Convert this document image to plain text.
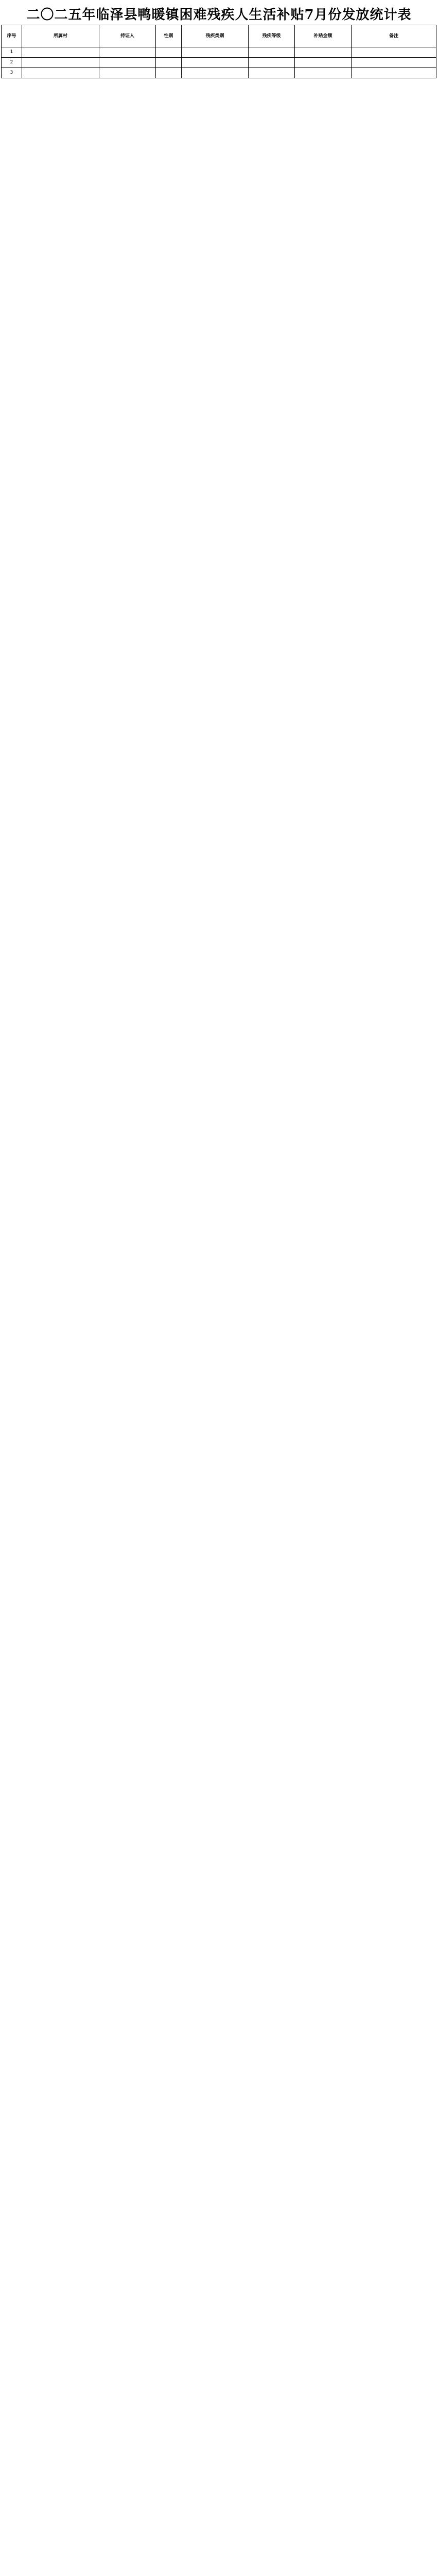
二〇二五年临泽县鸭暖镇困难残疾人生活补贴7月份发放统计表
序号	所属村	持证人	性别	残疾类别	残疾等级	补贴金额	备注
1							
2							
3							
